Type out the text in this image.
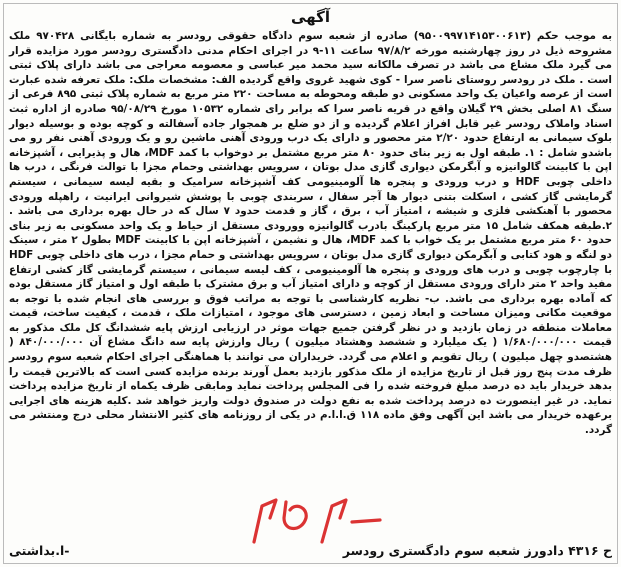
آگهی

به موجب حکم (۹۵۰۰۹۹۷۱۴۱۵۳۰۰۶۱۳) صادره از شعبه سوم دادگاه حقوقی رودسر به شماره بایگانی ۹۷۰۴۲۸ ملک مشروحه ذیل در روز چهارشنبه مورخه ۹۷/۸/۲ ساعت ۱۱-۹ در اجرای احکام مدنی دادگستری رودسر مورد مزایده قرار می گیرد ملک مشاع می باشد در تصرف مالکانه سید محمد میر عباسی و معصومه معراجی می باشد دارای پلاک ثبتی است . ملک در رودسر روستای ناصر سرا - کوی شهید غروی واقع گردیده الف: مشخصات ملک: ملک تعرفه شده عبارت است از عرصه واعیان یک واحد مسکونی دو طبقه ومحوطه به مساحت ۲۲۰ متر مربع به شماره پلاک ثبتی ۸۹۵ فرعی از سنگ ۸۱ اصلی بخش ۲۹ گیلان واقع در قریه ناصر سرا که برابر رای شماره ۱۰۵۳۲ مورخ ۹۵/۰۸/۲۹ صادره از اداره ثبت اسناد واملاک رودسر غیر قابل افراز اعلام گردیده و از دو ضلع بر همجوار جاده آسفالته و کوچه بوده و بوسیله دیوار بلوک سیمانی به ارتفاع حدود ۲/۲۰ متر محصور و دارای یک درب ورودی آهنی ماشین رو و یک ورودی آهنی نفر رو می باشدو شامل : ۱. طبقه اول به زیر بنای حدود ۸۰ متر مربع مشتمل بر دوخواب با کمد MDF، هال و پذیرایی ، آشپزخانه اپن با کابینت گالوانیزه و آبگرمکن دیواری گازی مدل بوتان ، سرویس بهداشتی وحمام مجزا با توالت فرنگی ، درب ها داخلی چوبی HDF و درب ورودی و پنجره ها آلومینیومی کف آشپزخانه سرامیک و بقیه لیسه سیمانی ، سیستم گرمایشی گاز کشی ، اسکلت بتنی دیوار ها آجر سفال ، سربندی چوبی با پوشش شیروانی ایرانیت ، راهپله ورودی محصور با آهنکشی فلزی و شیشه ، امتیاز آب ، برق ، گاز و قدمت حدود ۷ سال که در حال بهره برداری می باشد . ۲.طبقه همکف شامل ۱۵ متر مربع پارکینگ بادرب گالوانیزه وورودی مستقل از حیاط و یک واحد مسکونی به زیر بنای حدود ۶۰ متر مربع مشتمل بر یک خواب با کمد MDF، هال و نشیمن ، آشپزخانه اپن با کابینت MDF بطول ۲ متر ، سینک دو لنگه و هود کتابی و آبگرمکن دیواری گازی مدل بوتان ، سرویس بهداشتی و حمام مجزا ، درب های داخلی چوبی HDF با چارچوب چوبی و درب های ورودی و پنجره ها آلومینیومی ، کف لیسه سیمانی ، سیستم گرمایشی گاز کشی ارتفاع مفید واحد ۲ متر دارای ورودی مستقل از کوچه و دارای امتیاز آب و برق مشترک با طبقه اول و امتیاز گاز مستقل بوده که آماده بهره برداری می باشد. ب- نظریه کارشناسی با توجه به مراتب فوق و بررسی های انجام شده با توجه به موقعیت مکانی ومیزان مساحت و ابعاد زمین ، دسترسی های موجود ، امتیازات ملک ، قدمت ، کیفیت ساخت، قیمت معاملات منطقه در زمان بازدید و در نظر گرفتن جمیع جهات موثر در ارزیابی ارزش پایه ششدانگ کل ملک مذکور به قیمت ۱/۶۸۰/۰۰۰/۰۰۰ ( یک میلیارد و ششصد وهشتاد میلیون ) ریال وارزش پایه سه دانگ مشاع آن ۸۴۰/۰۰۰/۰۰۰ ( هشتصدو چهل میلیون ) ریال تقویم و اعلام می گردد. خریداران می توانند با هماهنگی اجرای احکام شعبه سوم رودسر ظرف مدت پنج روز قبل از تاریخ مزایده از ملک مذکور بازدید بعمل آورند برنده مزایده کسی است که بالاترین قیمت را بدهد خریدار باید ده درصد مبلغ فروخته شده را فی المجلس پرداخت نماید ومابقی ظرف یکماه از تاریخ مزایده پرداخت نماید. در غیر اینصورت ده درصد پرداخت شده به نفع دولت در صندوق دولت واریز خواهد شد .کلیه هزینه های اجرایی برعهده خریدار می باشد این آگهی وفق ماده ۱۱۸ ق.ا.ا.م در یکی از روزنامه های کثیر الانتشار محلی درج ومنتشر می گردد.

ح ۴۳۱۶ دادورز شعبه سوم دادگستری رودسر
-ا.بداشتی
